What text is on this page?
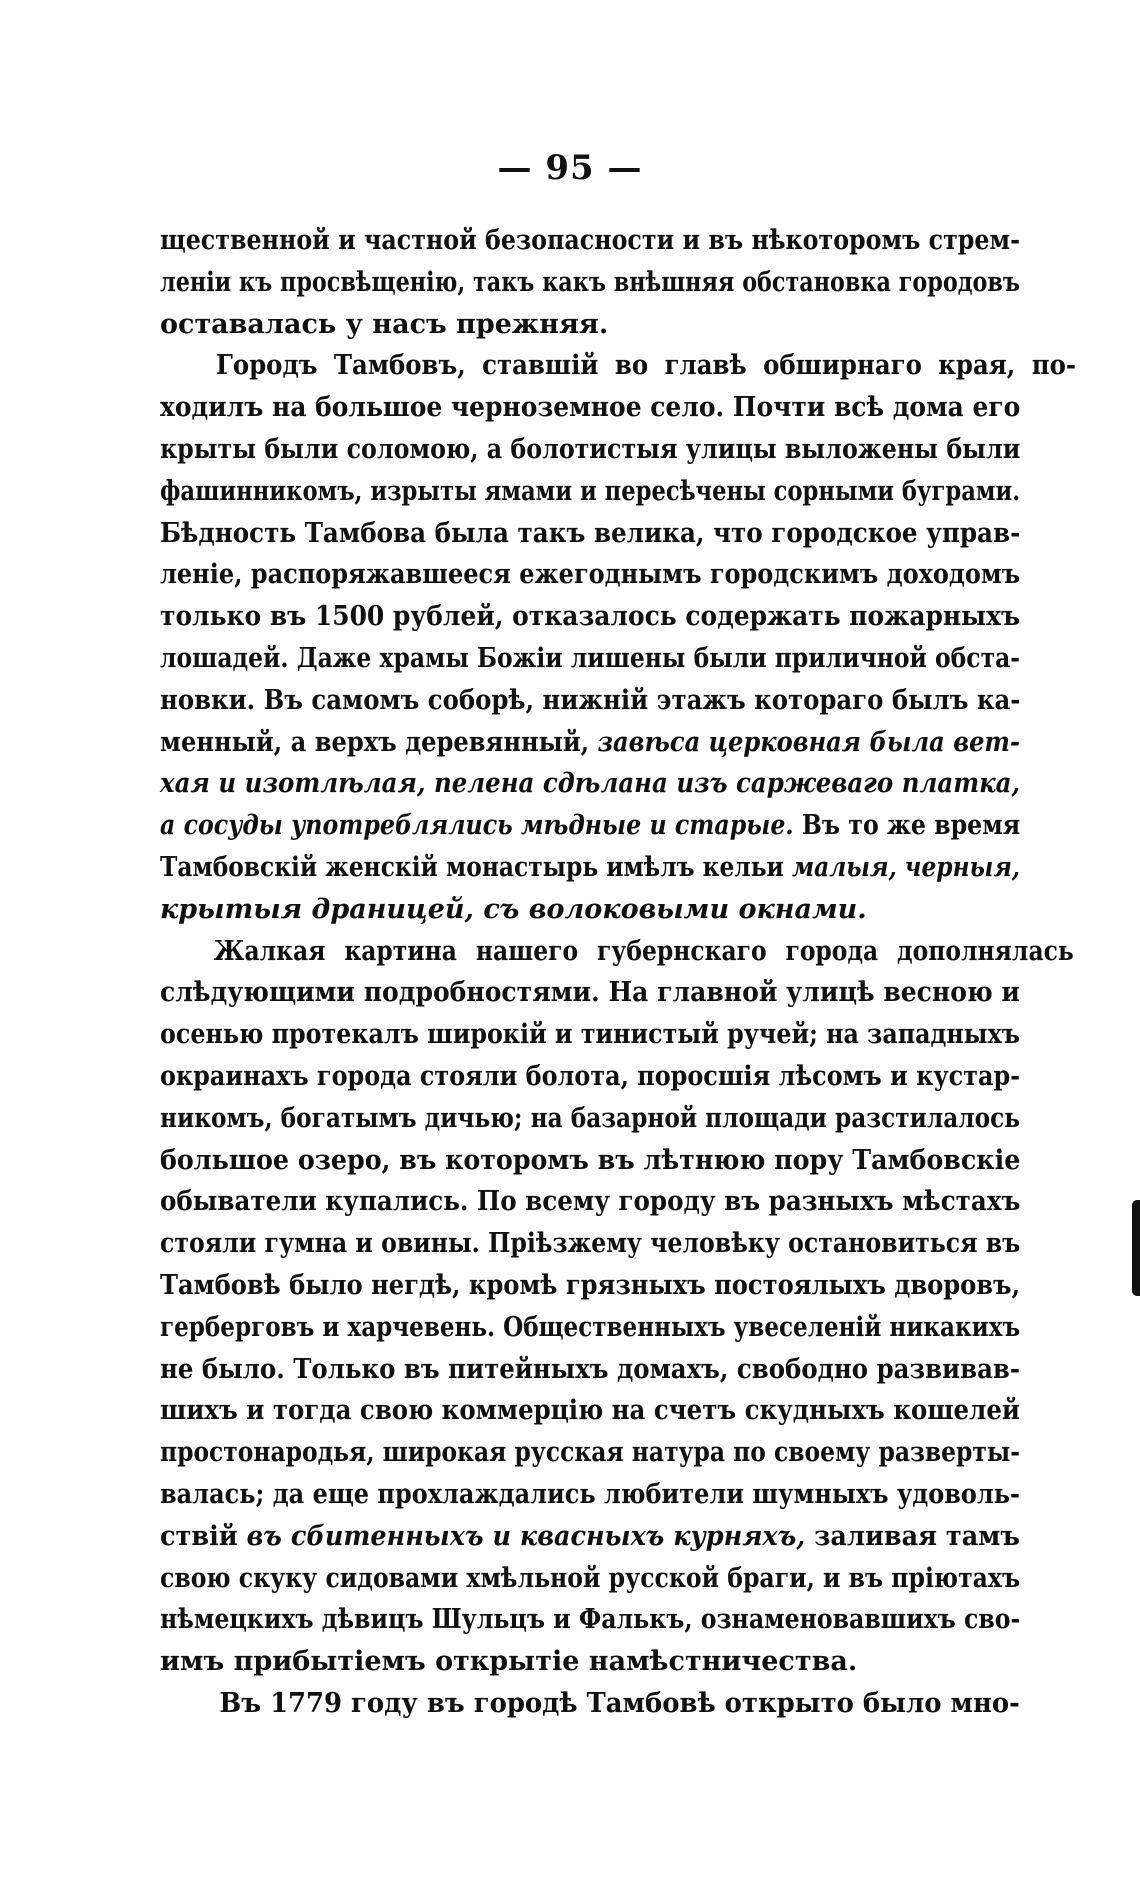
— 95 —
щественной и частной безопасности и въ нѣкоторомъ стрем-
ленiи къ просвѣщенiю, такъ какъ внѣшняя обстановка городовъ
оставалась у насъ прежняя.
Городъ Тамбовъ, ставшiй во главѣ обширнаго края, по-
ходилъ на большое черноземное село. Почти всѣ дома его
крыты были соломою, а болотистыя улицы выложены были
фашинникомъ, изрыты ямами и пересѣчены сорными буграми.
Бѣдность Тамбова была такъ велика, что городское управ-
ленiе, распоряжавшееся ежегоднымъ городскимъ доходомъ
только въ 1500 рублей, отказалось содержать пожарныхъ
лошадей. Даже храмы Божiи лишены были приличной обста-
новки. Въ самомъ соборѣ, нижнiй этажъ котораго былъ ка-
менный, а верхъ деревянный, завѣса церковная была вет-
хая и изотлѣлая, пелена сдѣлана изъ саржеваго платка,
а сосуды употреблялись мѣдные и старые. Въ то же время
Тамбовскiй женскiй монастырь имѣлъ кельи малыя, черныя,
крытыя драницей, съ волоковыми окнами.
Жалкая картина нашего губернскаго города дополнялась
слѣдующими подробностями. На главной улицѣ весною и
осенью протекалъ широкiй и тинистый ручей; на западныхъ
окраинахъ города стояли болота, поросшiя лѣсомъ и кустар-
никомъ, богатымъ дичью; на базарной площади разстилалось
большое озеро, въ которомъ въ лѣтнюю пору Тамбовскiе
обыватели купались. По всему городу въ разныхъ мѣстахъ
стояли гумна и овины. Прiѣзжему человѣку остановиться въ
Тамбовѣ было негдѣ, кромѣ грязныхъ постоялыхъ дворовъ,
герберговъ и харчевень. Общественныхъ увеселенiй никакихъ
не было. Только въ питейныхъ домахъ, свободно развивав-
шихъ и тогда свою коммерцiю на счетъ скудныхъ кошелей
простонародья, широкая русская натура по своему разверты-
валась; да еще прохлаждались любители шумныхъ удоволь-
ствiй въ сбитенныхъ и квасныхъ курняхъ, заливая тамъ
свою скуку сидовами хмѣльной русской браги, и въ прiютахъ
нѣмецкихъ дѣвицъ Шульцъ и Фалькъ, ознаменовавшихъ сво-
имъ прибытiемъ открытiе намѣстничества.
Въ 1779 году въ городѣ Тамбовѣ открыто было мно-
